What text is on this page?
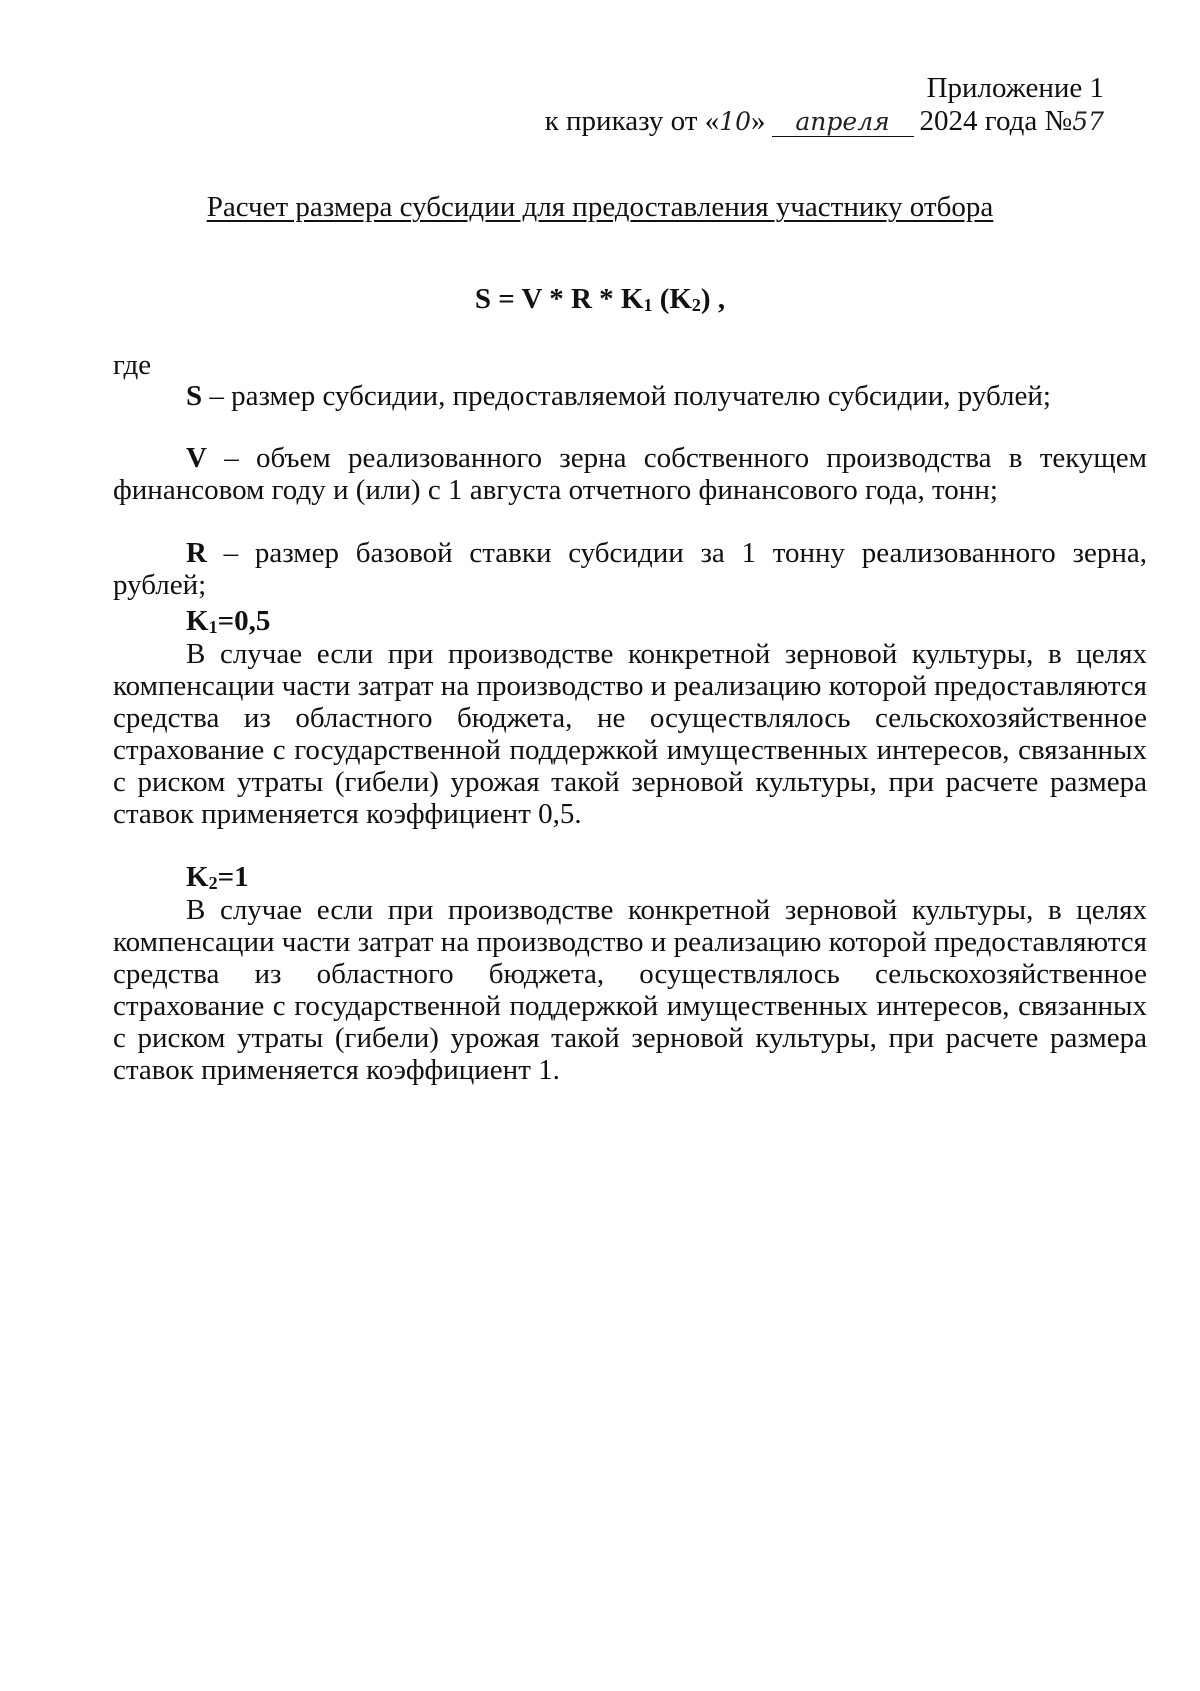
Приложение 1
к приказу от «10» апреля 2024 года №57
Расчет размера субсидии для предоставления участнику отбора
$S = V * R * K_1$ $(K_2)$ ,
где
S – размер субсидии, предоставляемой получателю субсидии, рублей;
V – объем реализованного зерна собственного производства в текущем финансовом году и (или) с 1 августа отчетного финансового года, тонн;
R – размер базовой ставки субсидии за 1 тонну реализованного зерна, рублей;
$K_1=0,5$
В случае если при производстве конкретной зерновой культуры, в целях компенсации части затрат на производство и реализацию которой предоставляются средства из областного бюджета, не осуществлялось сельскохозяйственное страхование с государственной поддержкой имущественных интересов, связанных с риском утраты (гибели) урожая такой зерновой культуры, при расчете размера ставок применяется коэффициент 0,5.
$K_2=1$
В случае если при производстве конкретной зерновой культуры, в целях компенсации части затрат на производство и реализацию которой предоставляются средства из областного бюджета, осуществлялось сельскохозяйственное страхование с государственной поддержкой имущественных интересов, связанных с риском утраты (гибели) урожая такой зерновой культуры, при расчете размера ставок применяется коэффициент 1.
